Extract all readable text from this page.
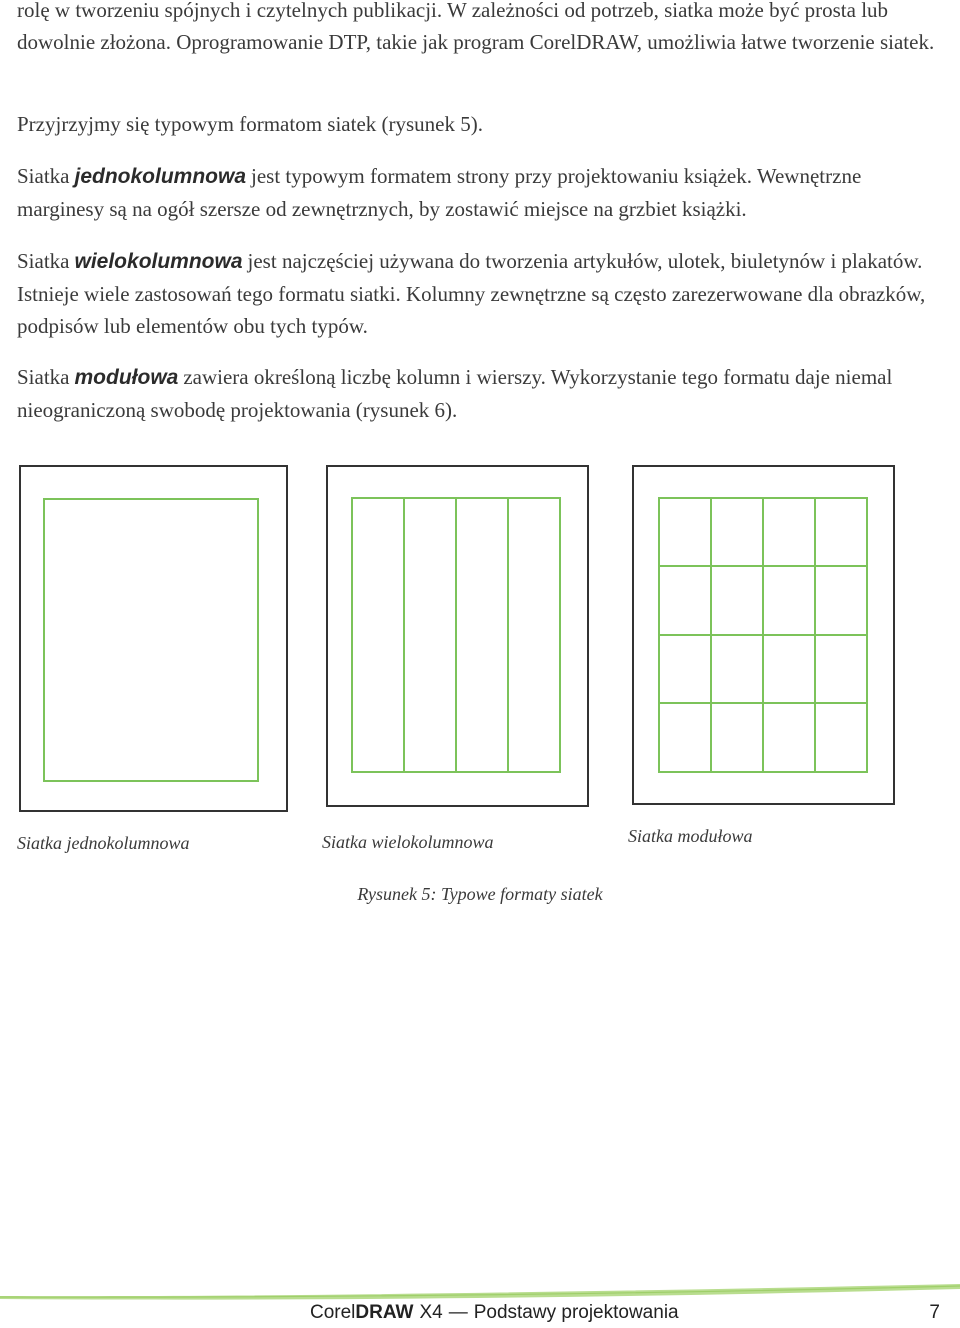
rolę w tworzeniu spójnych i czytelnych publikacji. W zależności od potrzeb, siatka może być prosta lub dowolnie złożona. Oprogramowanie DTP, takie jak program CorelDRAW, umożliwia łatwe tworzenie siatek.

Przyjrzyjmy się typowym formatom siatek (rysunek 5).

Siatka jednokolumnowa jest typowym formatem strony przy projektowaniu książek. Wewnętrzne marginesy są na ogół szersze od zewnętrznych, by zostawić miejsce na grzbiet książki.

Siatka wielokolumnowa jest najczęściej używana do tworzenia artykułów, ulotek, biuletynów i plakatów. Istnieje wiele zastosowań tego formatu siatki. Kolumny zewnętrzne są często zarezerwowane dla obrazków, podpisów lub elementów obu tych typów.

Siatka modułowa zawiera określoną liczbę kolumn i wierszy. Wykorzystanie tego formatu daje niemal nieograniczoną swobodę projektowania (rysunek 6).

Siatka jednokolumnowa	Siatka wielokolumnowa	Siatka modułowa
Rysunek 5: Typowe formaty siatek
CorelDRAW X4 — Podstawy projektowania	7
